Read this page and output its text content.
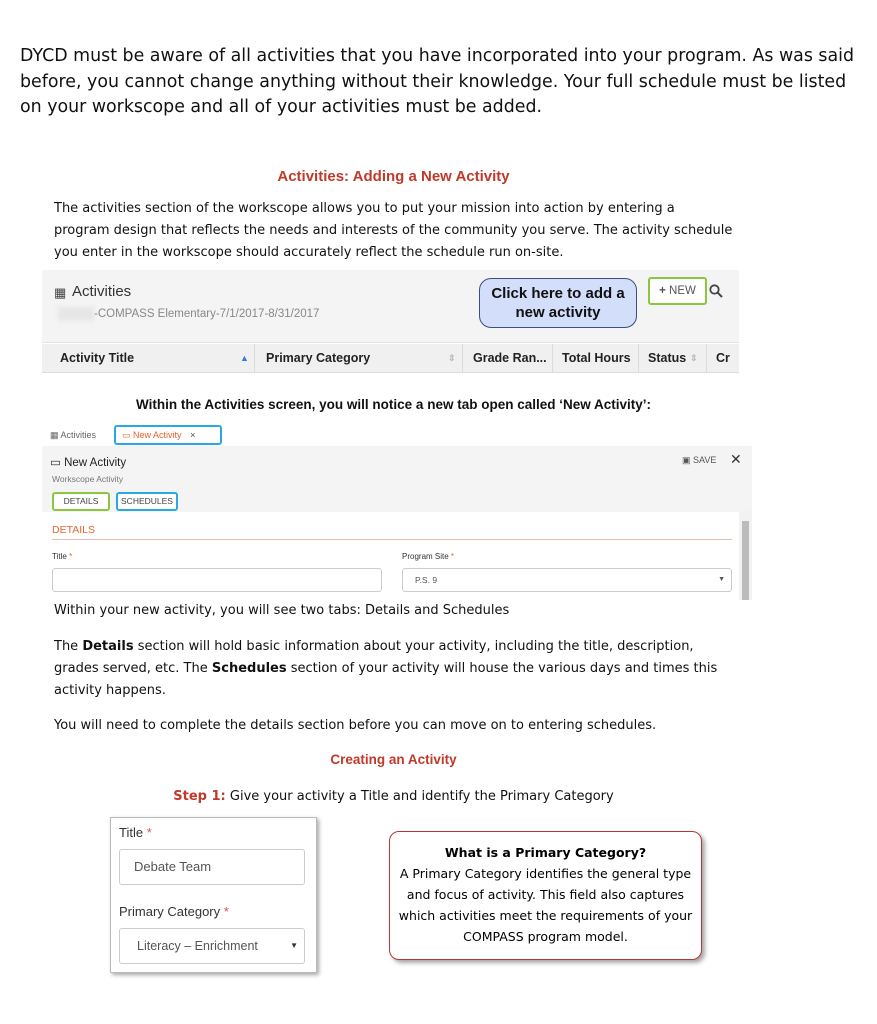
DYCD must be aware of all activities that you have incorporated into your program. As was said before, you cannot change anything without their knowledge. Your full schedule must be listed on your workscope and all of your activities must be added.
Activities: Adding a New Activity
The activities section of the workscope allows you to put your mission into action by entering a program design that reflects the needs and interests of the community you serve. The activity schedule you enter in the workscope should accurately reflect the schedule run on-site.
▦ Activities
-COMPASS Elementary-7/1/2017-8/31/2017
Click here to add a new activity
+ NEW
Activity Title	▲ Primary Category	⇕ Grade Ran... Total Hours Status ⇕ Cr
Within the Activities screen, you will notice a new tab open called ‘New Activity’:
▦ Activities	▭ New Activity ×
▭ New Activity
Workscope Activity
▣ SAVE ✕
DETAILS	SCHEDULES
DETAILS
Title *	Program Site *
P.S. 9	▼
Within your new activity, you will see two tabs: Details and Schedules
The Details section will hold basic information about your activity, including the title, description, grades served, etc. The Schedules section of your activity will house the various days and times this activity happens.
You will need to complete the details section before you can move on to entering schedules.
Creating an Activity
Step 1: Give your activity a Title and identify the Primary Category
Title *
Debate Team
Primary Category *
Literacy – Enrichment	▼
What is a Primary Category?
A Primary Category identifies the general type and focus of activity. This field also captures which activities meet the requirements of your COMPASS program model.
